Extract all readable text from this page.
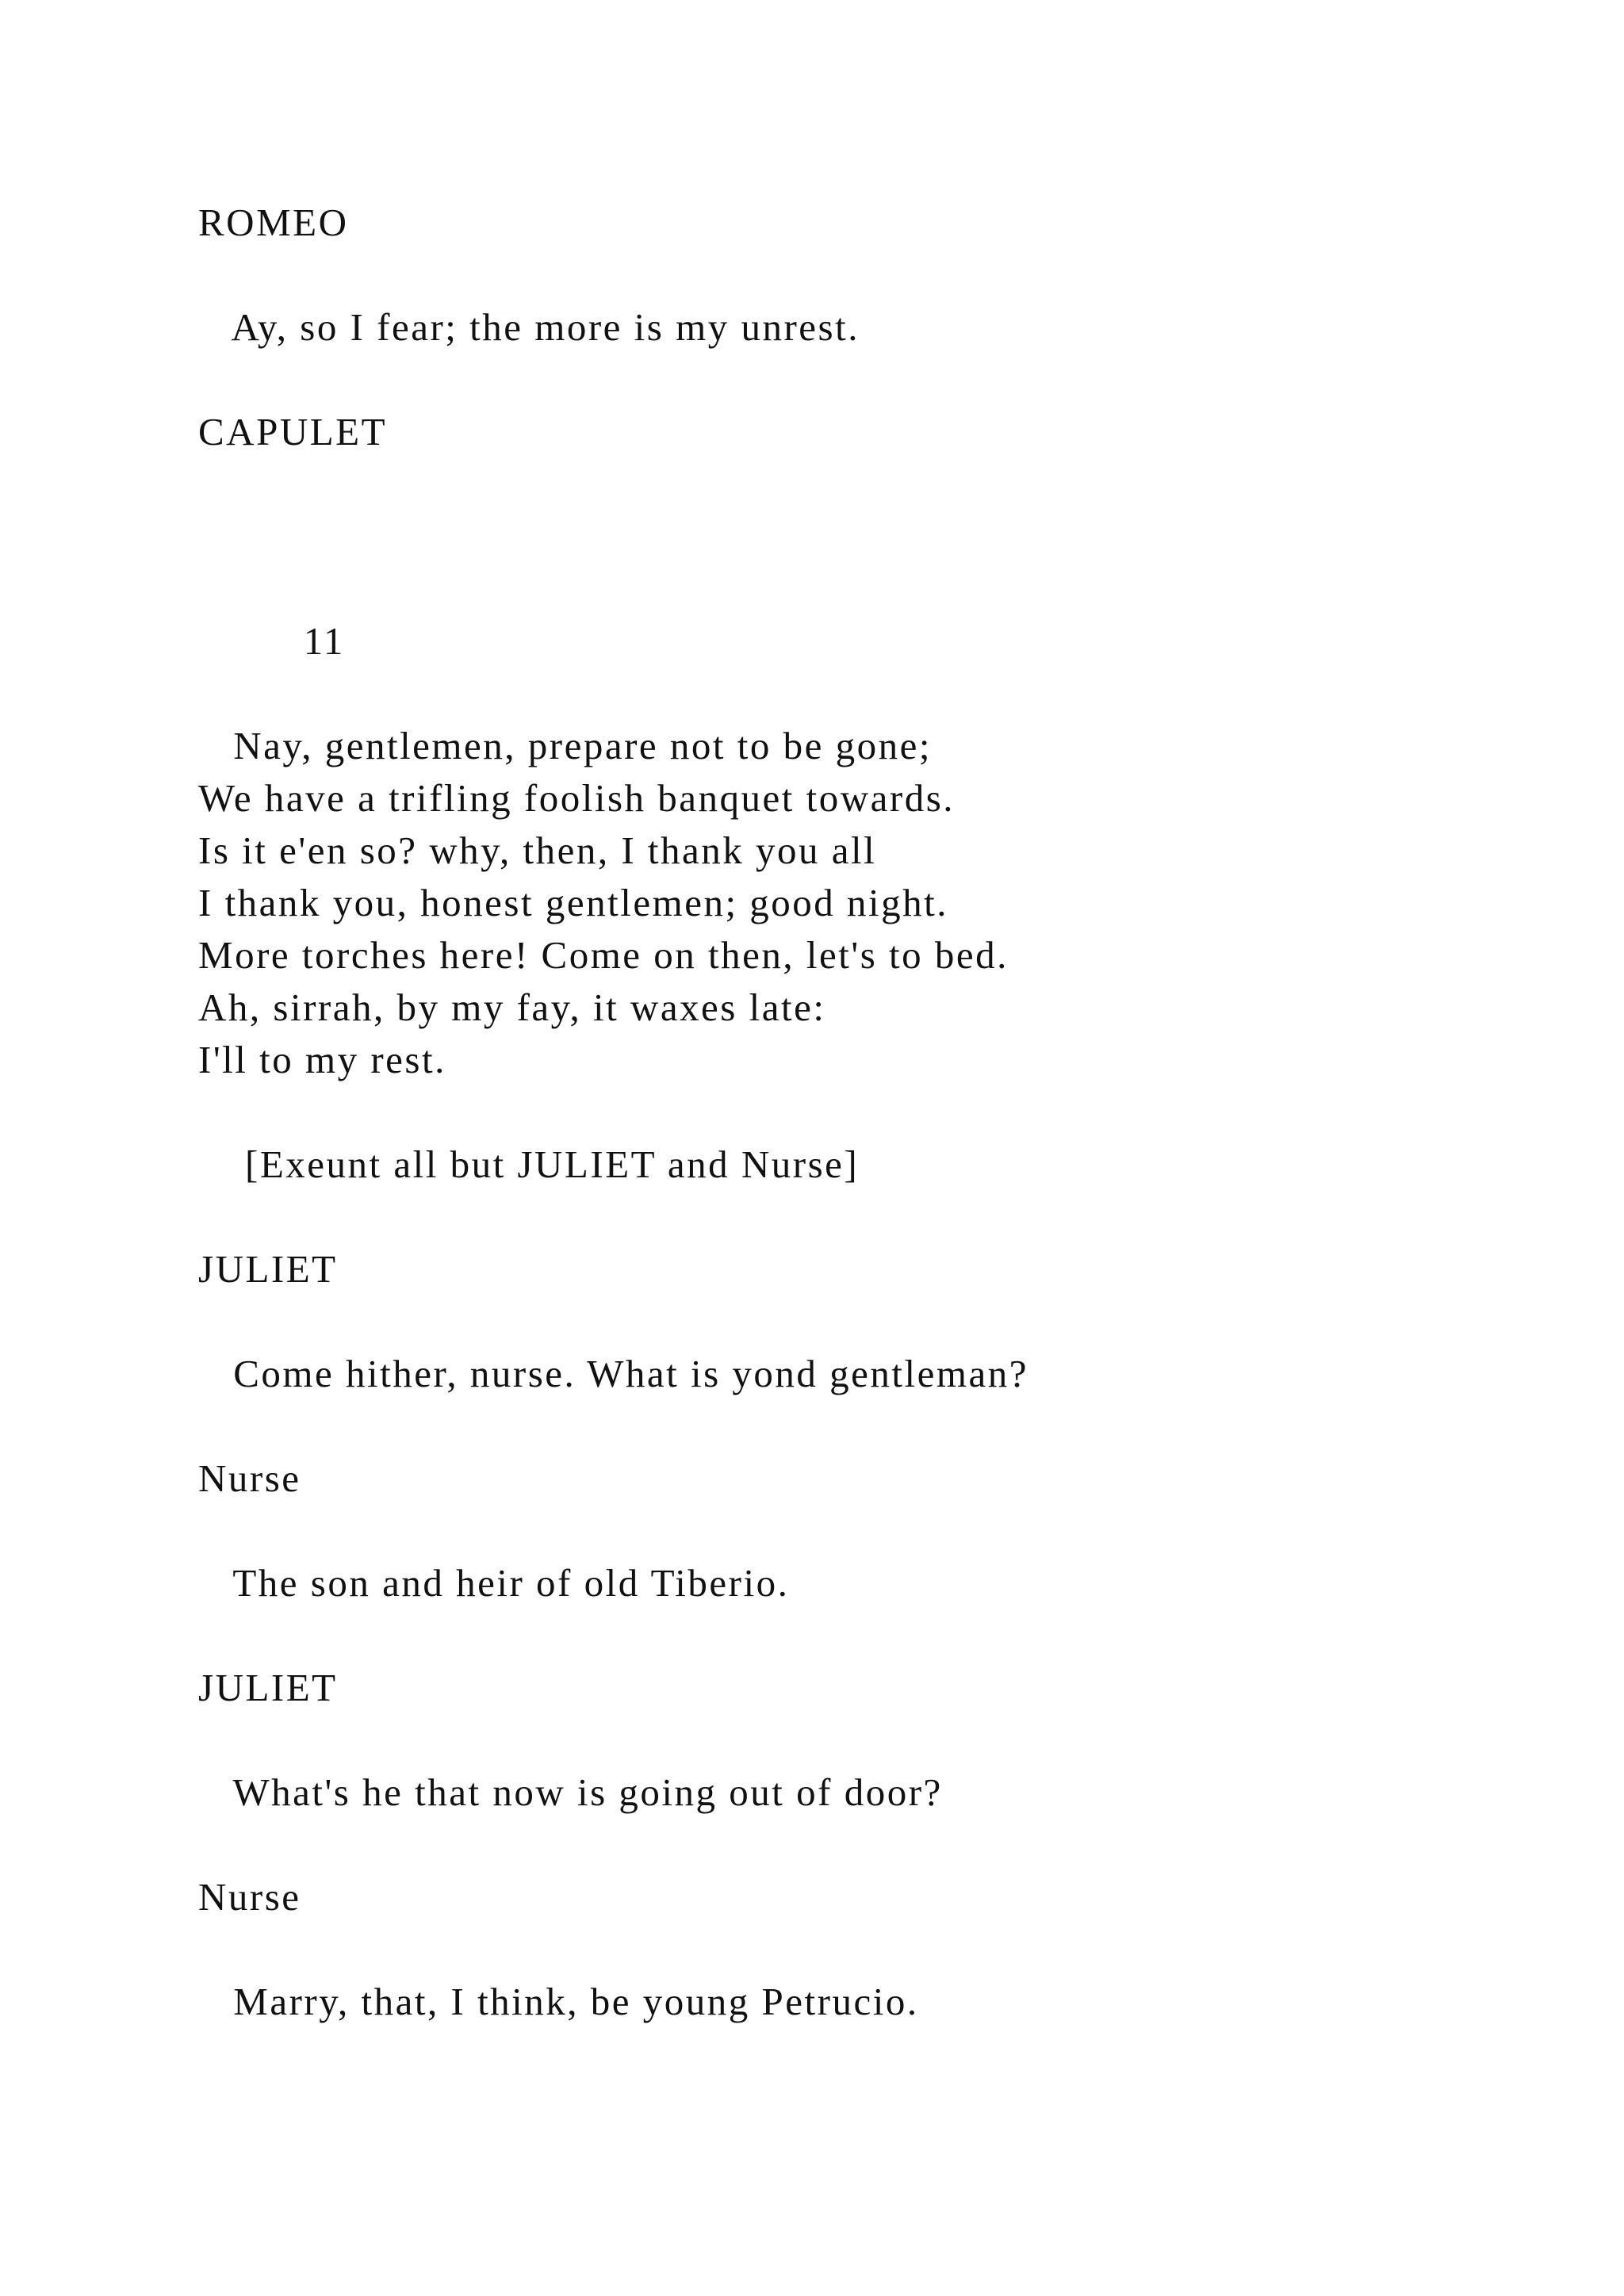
ROMEO
Ay, so I fear; the more is my unrest.
CAPULET
11
Nay, gentlemen, prepare not to be gone;
We have a trifling foolish banquet towards.
Is it e'en so? why, then, I thank you all
I thank you, honest gentlemen; good night.
More torches here! Come on then, let's to bed.
Ah, sirrah, by my fay, it waxes late:
I'll to my rest.
[Exeunt all but JULIET and Nurse]
JULIET
Come hither, nurse. What is yond gentleman?
Nurse
The son and heir of old Tiberio.
JULIET
What's he that now is going out of door?
Nurse
Marry, that, I think, be young Petrucio.
